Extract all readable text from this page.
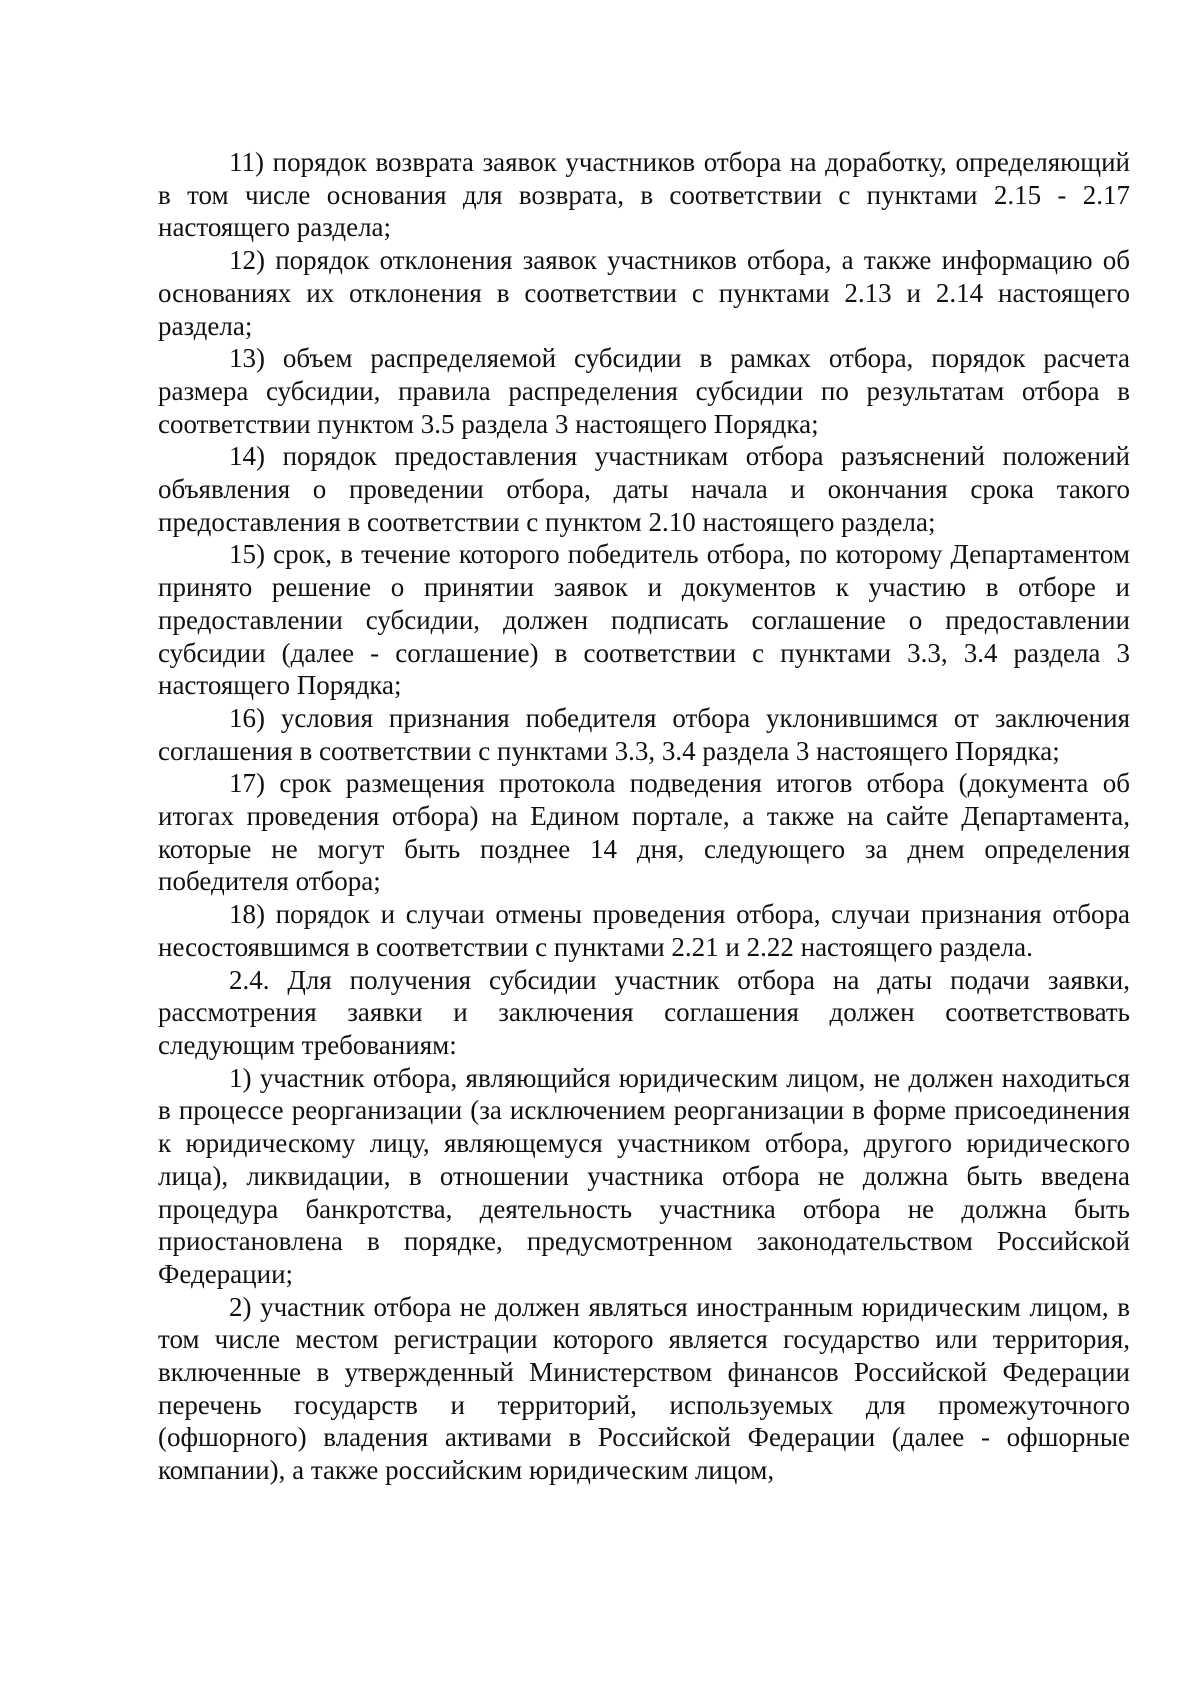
11) порядок возврата заявок участников отбора на доработку, определяющий в том числе основания для возврата, в соответствии с пунктами 2.15 - 2.17 настоящего раздела;

12) порядок отклонения заявок участников отбора, а также информацию об основаниях их отклонения в соответствии с пунктами 2.13 и 2.14 настоящего раздела;

13) объем распределяемой субсидии в рамках отбора, порядок расчета размера субсидии, правила распределения субсидии по результатам отбора в соответствии пунктом 3.5 раздела 3 настоящего Порядка;

14) порядок предоставления участникам отбора разъяснений положений объявления о проведении отбора, даты начала и окончания срока такого предоставления в соответствии с пунктом 2.10 настоящего раздела;

15) срок, в течение которого победитель отбора, по которому Департаментом принято решение о принятии заявок и документов к участию в отборе и предоставлении субсидии, должен подписать соглашение о предоставлении субсидии (далее - соглашение) в соответствии с пунктами 3.3, 3.4 раздела 3 настоящего Порядка;

16) условия признания победителя отбора уклонившимся от заключения соглашения в соответствии с пунктами 3.3, 3.4 раздела 3 настоящего Порядка;

17) срок размещения протокола подведения итогов отбора (документа об итогах проведения отбора) на Едином портале, а также на сайте Департамента, которые не могут быть позднее 14 дня, следующего за днем определения победителя отбора;

18) порядок и случаи отмены проведения отбора, случаи признания отбора несостоявшимся в соответствии с пунктами 2.21 и 2.22 настоящего раздела.

2.4. Для получения субсидии участник отбора на даты подачи заявки, рассмотрения заявки и заключения соглашения должен соответствовать следующим требованиям:

1) участник отбора, являющийся юридическим лицом, не должен находиться в процессе реорганизации (за исключением реорганизации в форме присоединения к юридическому лицу, являющемуся участником отбора, другого юридического лица), ликвидации, в отношении участника отбора не должна быть введена процедура банкротства, деятельность участника отбора не должна быть приостановлена в порядке, предусмотренном законодательством Российской Федерации;

2) участник отбора не должен являться иностранным юридическим лицом, в том числе местом регистрации которого является государство или территория, включенные в утвержденный Министерством финансов Российской Федерации перечень государств и территорий, используемых для промежуточного (офшорного) владения активами в Российской Федерации (далее - офшорные компании), а также российским юридическим лицом,
